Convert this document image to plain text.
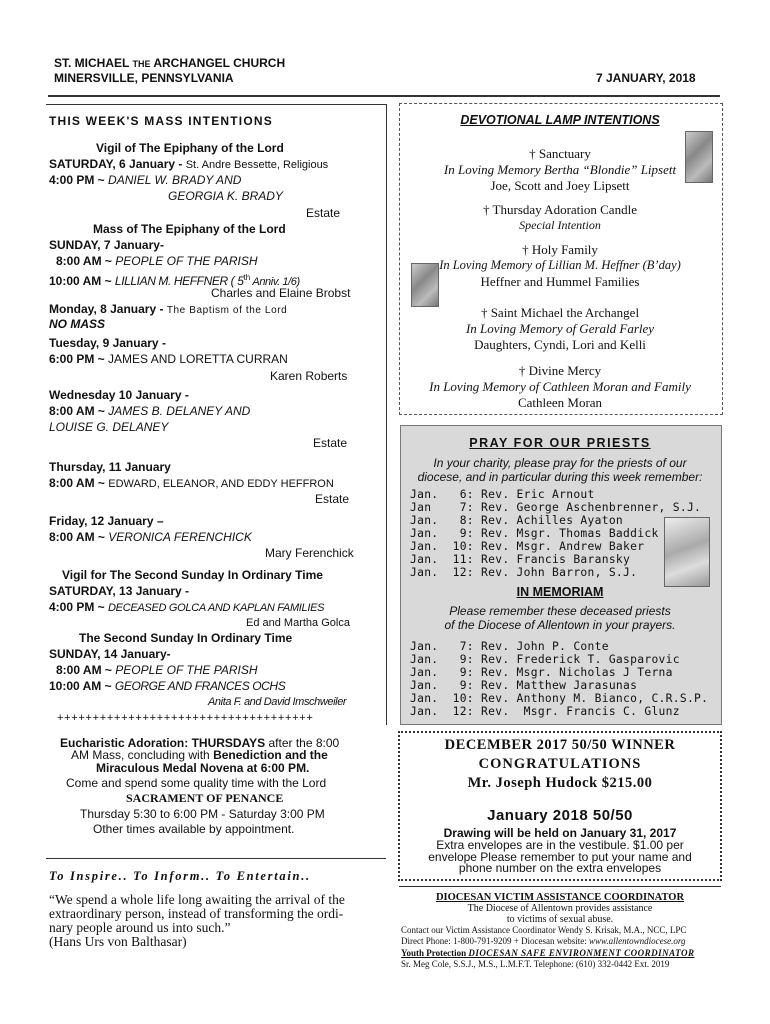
ST. MICHAEL THE ARCHANGEL CHURCH
MINERSVILLE, PENNSYLVANIA	7 JANUARY, 2018
THIS WEEK'S MASS INTENTIONS
Vigil of The Epiphany of the Lord
SATURDAY, 6 January - St. Andre Bessette, Religious
4:00 PM ~ DANIEL W. BRADY AND
GEORGIA K. BRADY
Estate
Mass of The Epiphany of the Lord
SUNDAY, 7 January-
8:00 AM ~ PEOPLE OF THE PARISH
10:00 AM ~ LILLIAN M. HEFFNER ( 5th Anniv. 1/6)
Charles and Elaine Brobst
Monday, 8 January - The Baptism of the Lord
NO MASS
Tuesday, 9 January -
6:00 PM ~ JAMES AND LORETTA CURRAN
Karen Roberts
Wednesday 10 January -
8:00 AM ~ JAMES B. DELANEY AND
LOUISE G. DELANEY
Estate
Thursday, 11 January
8:00 AM ~ EDWARD, ELEANOR, AND EDDY HEFFRON
Estate
Friday, 12 January –
8:00 AM ~ VERONICA FERENCHICK
Mary Ferenchick
Vigil for The Second Sunday In Ordinary Time
SATURDAY, 13 January -
4:00 PM ~ DECEASED GOLCA AND KAPLAN FAMILIES
Ed and Martha Golca
The Second Sunday In Ordinary Time
SUNDAY, 14 January-
8:00 AM ~ PEOPLE OF THE PARISH
10:00 AM ~ GEORGE AND FRANCES OCHS
Anita F. and David Imschweiler
++++++++++++++++++++++++++++++++++++
Eucharistic Adoration: THURSDAYS after the 8:00
AM Mass, concluding with Benediction and the
Miraculous Medal Novena at 6:00 PM.
Come and spend some quality time with the Lord
SACRAMENT OF PENANCE
Thursday 5:30 to 6:00 PM - Saturday 3:00 PM
Other times available by appointment.
To Inspire.. To Inform.. To Entertain..
“We spend a whole life long awaiting the arrival of the
extraordinary person, instead of transforming the ordi-
nary people around us into such.”
(Hans Urs von Balthasar)
DEVOTIONAL LAMP INTENTIONS
† Sanctuary
In Loving Memory Bertha “Blondie” Lipsett
Joe, Scott and Joey Lipsett
† Thursday Adoration Candle
Special Intention
† Holy Family
In Loving Memory of Lillian M. Heffner (B’day)
Heffner and Hummel Families
† Saint Michael the Archangel
In Loving Memory of Gerald Farley
Daughters, Cyndi, Lori and Kelli
† Divine Mercy
In Loving Memory of Cathleen Moran and Family
Cathleen Moran
PRAY FOR OUR PRIESTS
In your charity, please pray for the priests of our
diocese, and in particular during this week remember:
Jan.   6: Rev. Eric Arnout
Jan    7: Rev. George Aschenbrenner, S.J.
Jan.   8: Rev. Achilles Ayaton
Jan.   9: Rev. Msgr. Thomas Baddick
Jan.  10: Rev. Msgr. Andrew Baker
Jan.  11: Rev. Francis Baransky
Jan.  12: Rev. John Barron, S.J.
IN MEMORIAM
Please remember these deceased priests
of the Diocese of Allentown in your prayers.
Jan.   7: Rev. John P. Conte
Jan.   9: Rev. Frederick T. Gasparovic
Jan.   9: Rev. Msgr. Nicholas J Terna
Jan.   9: Rev. Matthew Jarasunas
Jan.  10: Rev. Anthony M. Bianco, C.R.S.P.
Jan.  12: Rev.  Msgr. Francis C. Glunz
DECEMBER 2017 50/50 WINNER
CONGRATULATIONS
Mr. Joseph Hudock $215.00
January 2018 50/50
Drawing will be held on January 31, 2017
Extra envelopes are in the vestibule. $1.00 per
envelope Please remember to put your name and
phone number on the extra envelopes
DIOCESAN VICTIM ASSISTANCE COORDINATOR
The Diocese of Allentown provides assistance
to victims of sexual abuse.
Contact our Victim Assistance Coordinator Wendy S. Krisak, M.A., NCC, LPC
Direct Phone: 1-800-791-9209 + Diocesan website: www.allentowndiocese.org
Youth Protection DIOCESAN SAFE ENVIRONMENT COORDINATOR
Sr. Meg Cole, S.S.J., M.S., L.M.F.T. Telephone: (610) 332-0442 Ext. 2019
